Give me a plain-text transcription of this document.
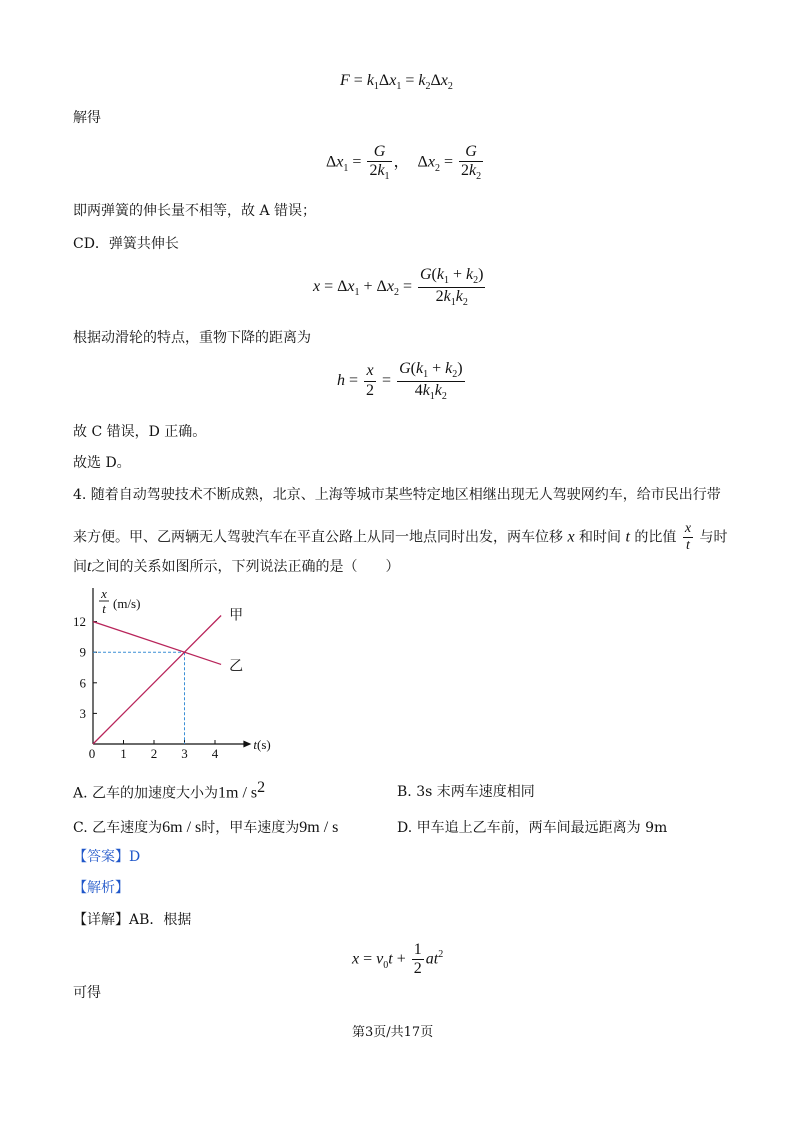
$F = k_1\Delta x_1 = k_2\Delta x_2$
解得
$\Delta x_1 = \frac{G}{2k_1}$ ，  $\Delta x_2 = \frac{G}{2k_2}$
即两弹簧的伸长量不相等，故 A 错误；
CD．弹簧共伸长
$x = \Delta x_1 + \Delta x_2 = \frac{G(k_1 + k_2)}{2k_1k_2}$
根据动滑轮的特点，重物下降的距离为
$h = \frac{x}{2} = \frac{G(k_1 + k_2)}{4k_1k_2}$
故 C 错误，D 正确。
故选 D。
4. 随着自动驾驶技术不断成熟，北京、上海等城市某些特定地区相继出现无人驾驶网约车，给市民出行带
来方便。甲、乙两辆无人驾驶汽车在平直公路上从同一地点同时出发，两车位移 x 和时间 t 的比值 $\frac{x}{t}$ 与时
间t之间的关系如图所示，下列说法正确的是（　　）
0 1 2 3 4
3
6
9
12	甲
乙
x
t (m/s)
t(s)
A. 乙车的加速度大小为$1m / s^2$	B. 3s 末两车速度相同
C. 乙车速度为6m / s时，甲车速度为9m / s	D. 甲车追上乙车前，两车间最远距离为 9m
【答案】D
【解析】
【详解】AB．根据
$x = v_0t + \frac{1}{2} at^2$
可得
第3页/共17页
